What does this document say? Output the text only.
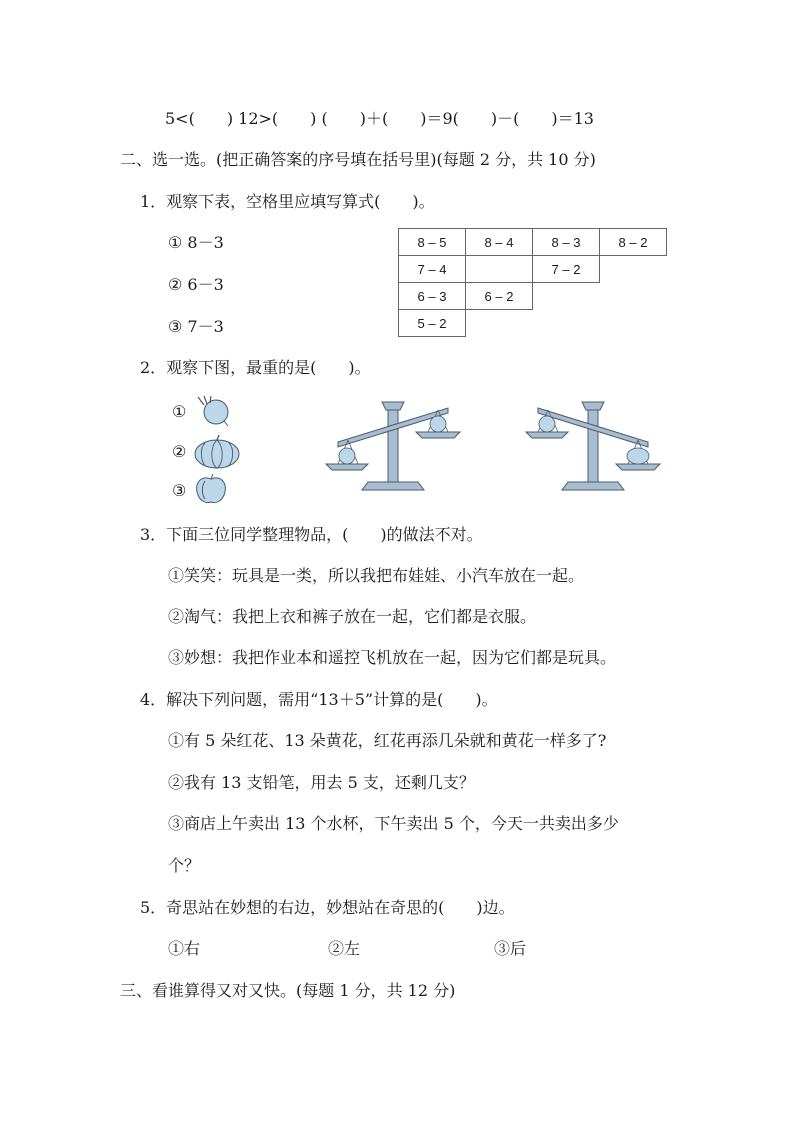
5<(　　) 12>(　　) (　　)＋(　　)＝9(　　)－(　　)＝13
二、选一选。(把正确答案的序号填在括号里)(每题 2 分，共 10 分)
1．观察下表，空格里应填写算式(　　)。
① 8－3
② 6－3
③ 7－3
8 – 5	8 – 4	8 – 3	8 – 2
7 – 4		7 – 2	
6 – 3	6 – 2		
5 – 2			
2．观察下图，最重的是(　　)。
①
②
③
3．下面三位同学整理物品，(　　)的做法不对。
①笑笑：玩具是一类，所以我把布娃娃、小汽车放在一起。
②淘气：我把上衣和裤子放在一起，它们都是衣服。
③妙想：我把作业本和遥控飞机放在一起，因为它们都是玩具。
4．解决下列问题，需用“13＋5”计算的是(　　)。
①有 5 朵红花、13 朵黄花，红花再添几朵就和黄花一样多了?
②我有 13 支铅笔，用去 5 支，还剩几支？
③商店上午卖出 13 个水杯，下午卖出 5 个，今天一共卖出多少
个？
5．奇思站在妙想的右边，妙想站在奇思的(　　)边。
①右	②左	③后
三、看谁算得又对又快。(每题 1 分，共 12 分)
